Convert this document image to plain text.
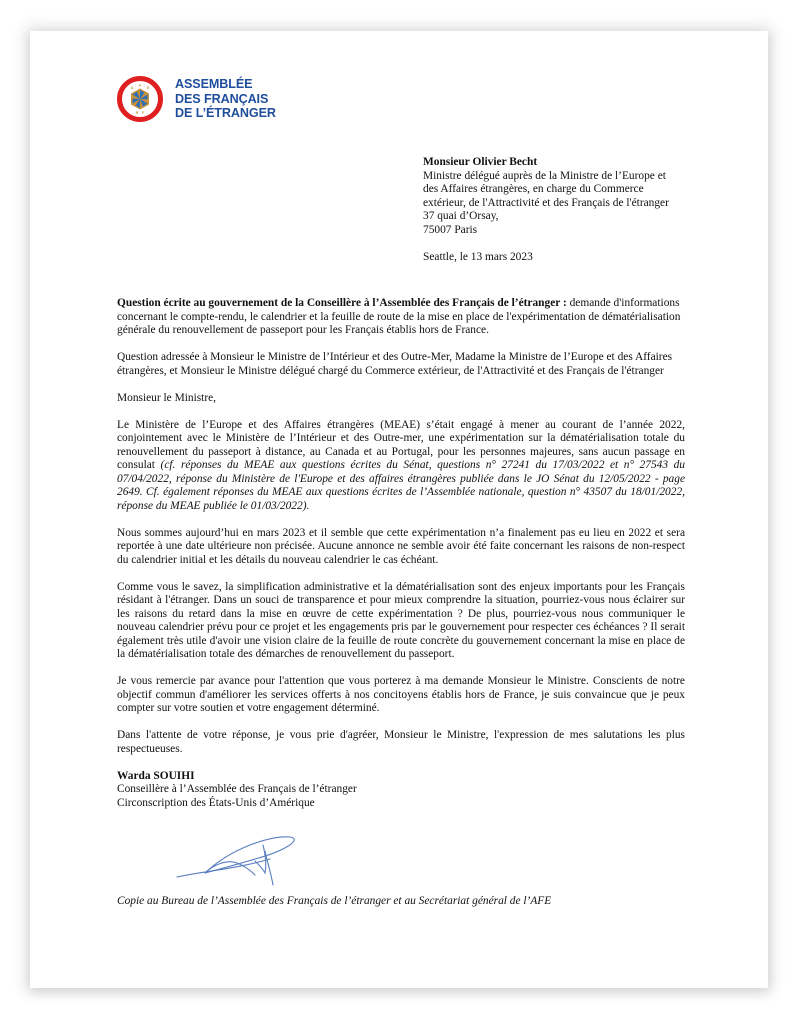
A
F
E
R F
ASSEMBLÉE
DES FRANÇAIS
DE L’ÉTRANGER
Monsieur Olivier Becht
Ministre délégué auprès de la Ministre de l’Europe et
des Affaires étrangères, en charge du Commerce
extérieur, de l'Attractivité et des Français de l'étranger
37 quai d’Orsay,
75007 Paris
Seattle, le 13 mars 2023

Question écrite au gouvernement de la Conseillère à l’Assemblée des Français de l’étranger : demande d'informations concernant le compte-rendu, le calendrier et la feuille de route de la mise en place de l'expérimentation de dématérialisation générale du renouvellement de passeport pour les Français établis hors de France.

Question adressée à Monsieur le Ministre de l’Intérieur et des Outre-Mer, Madame la Ministre de l’Europe et des Affaires étrangères, et Monsieur le Ministre délégué chargé du Commerce extérieur, de l'Attractivité et des Français de l'étranger

Monsieur le Ministre,

Le Ministère de l’Europe et des Affaires étrangères (MEAE) s’était engagé à mener au courant de l’année 2022, conjointement avec le Ministère de l’Intérieur et des Outre-mer, une expérimentation sur la dématérialisation totale du renouvellement du passeport à distance, au Canada et au Portugal, pour les personnes majeures, sans aucun passage en consulat (cf. réponses du MEAE aux questions écrites du Sénat, questions n° 27241 du 17/03/2022 et n° 27543 du 07/04/2022, réponse du Ministère de l'Europe et des affaires étrangères publiée dans le JO Sénat du 12/05/2022 - page 2649. Cf. également réponses du MEAE aux questions écrites de l’Assemblée nationale, question n° 43507 du 18/01/2022, réponse du MEAE publiée le 01/03/2022).

Nous sommes aujourd’hui en mars 2023 et il semble que cette expérimentation n’a finalement pas eu lieu en 2022 et sera reportée à une date ultérieure non précisée. Aucune annonce ne semble avoir été faite concernant les raisons de non-respect du calendrier initial et les détails du nouveau calendrier le cas échéant.

Comme vous le savez, la simplification administrative et la dématérialisation sont des enjeux importants pour les Français résidant à l'étranger. Dans un souci de transparence et pour mieux comprendre la situation, pourriez-vous nous éclairer sur les raisons du retard dans la mise en œuvre de cette expérimentation ? De plus, pourriez-vous nous communiquer le nouveau calendrier prévu pour ce projet et les engagements pris par le gouvernement pour respecter ces échéances ? Il serait également très utile d'avoir une vision claire de la feuille de route concrète du gouvernement concernant la mise en place de la dématérialisation totale des démarches de renouvellement du passeport.

Je vous remercie par avance pour l'attention que vous porterez à ma demande Monsieur le Ministre. Conscients de notre objectif commun d'améliorer les services offerts à nos concitoyens établis hors de France, je suis convaincue que je peux compter sur votre soutien et votre engagement déterminé.

Dans l'attente de votre réponse, je vous prie d'agréer, Monsieur le Ministre, l'expression de mes salutations les plus respectueuses.

Warda SOUIHI
Conseillère à l’Assemblée des Français de l’étranger
Circonscription des États-Unis d’Amérique
Copie au Bureau de l’Assemblée des Français de l’étranger et au Secrétariat général de l’AFE
